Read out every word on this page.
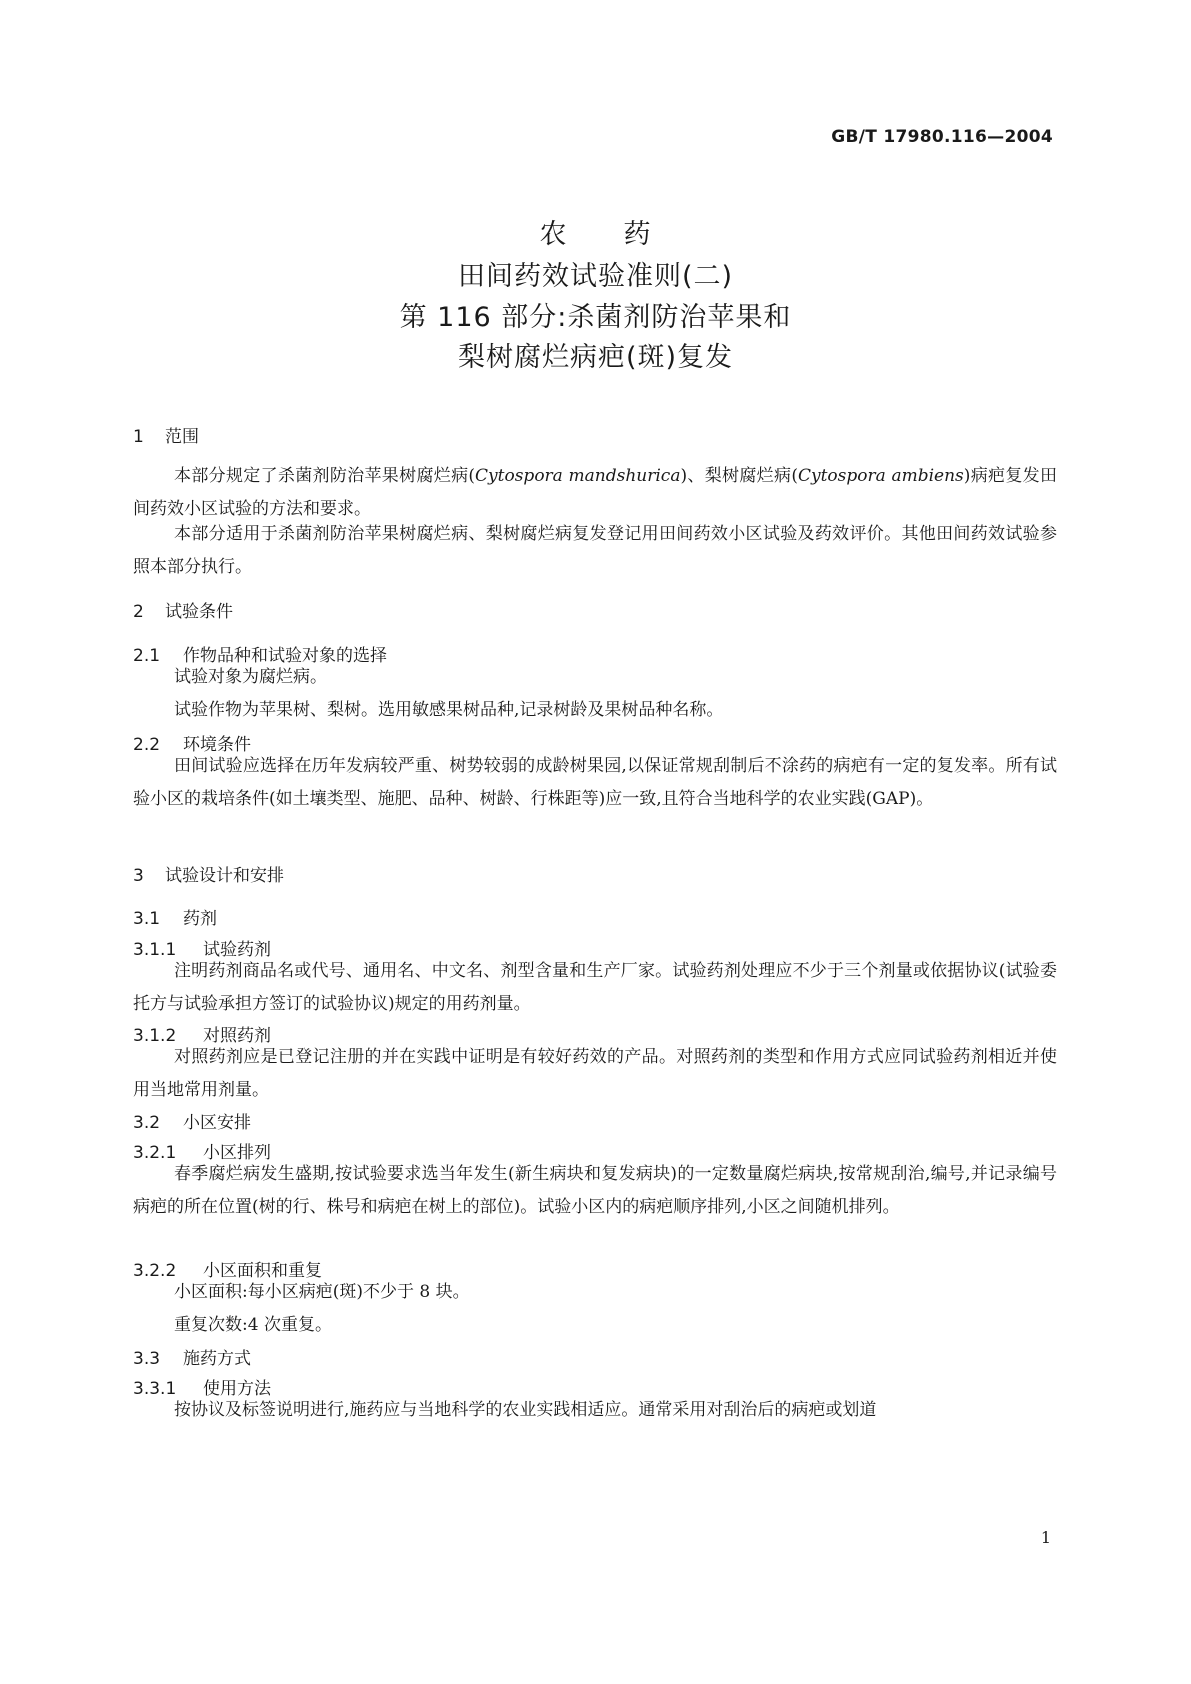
GB/T 17980.116—2004
农　　药
田间药效试验准则(二)
第 116 部分:杀菌剂防治苹果和
梨树腐烂病疤(斑)复发
1 范围
本部分规定了杀菌剂防治苹果树腐烂病(Cytospora mandshurica)、梨树腐烂病(Cytospora ambiens)病疤复发田间药效小区试验的方法和要求。
本部分适用于杀菌剂防治苹果树腐烂病、梨树腐烂病复发登记用田间药效小区试验及药效评价。其他田间药效试验参照本部分执行。
2 试验条件
2.1 作物品种和试验对象的选择
试验对象为腐烂病。
试验作物为苹果树、梨树。选用敏感果树品种,记录树龄及果树品种名称。
2.2 环境条件
田间试验应选择在历年发病较严重、树势较弱的成龄树果园,以保证常规刮制后不涂药的病疤有一定的复发率。所有试验小区的栽培条件(如土壤类型、施肥、品种、树龄、行株距等)应一致,且符合当地科学的农业实践(GAP)。
3 试验设计和安排
3.1 药剂
3.1.1 试验药剂
注明药剂商品名或代号、通用名、中文名、剂型含量和生产厂家。试验药剂处理应不少于三个剂量或依据协议(试验委托方与试验承担方签订的试验协议)规定的用药剂量。
3.1.2 对照药剂
对照药剂应是已登记注册的并在实践中证明是有较好药效的产品。对照药剂的类型和作用方式应同试验药剂相近并使用当地常用剂量。
3.2 小区安排
3.2.1 小区排列
春季腐烂病发生盛期,按试验要求选当年发生(新生病块和复发病块)的一定数量腐烂病块,按常规刮治,编号,并记录编号病疤的所在位置(树的行、株号和病疤在树上的部位)。试验小区内的病疤顺序排列,小区之间随机排列。
3.2.2 小区面积和重复
小区面积:每小区病疤(斑)不少于 8 块。
重复次数:4 次重复。
3.3 施药方式
3.3.1 使用方法
按协议及标签说明进行,施药应与当地科学的农业实践相适应。通常采用对刮治后的病疤或划道
1
